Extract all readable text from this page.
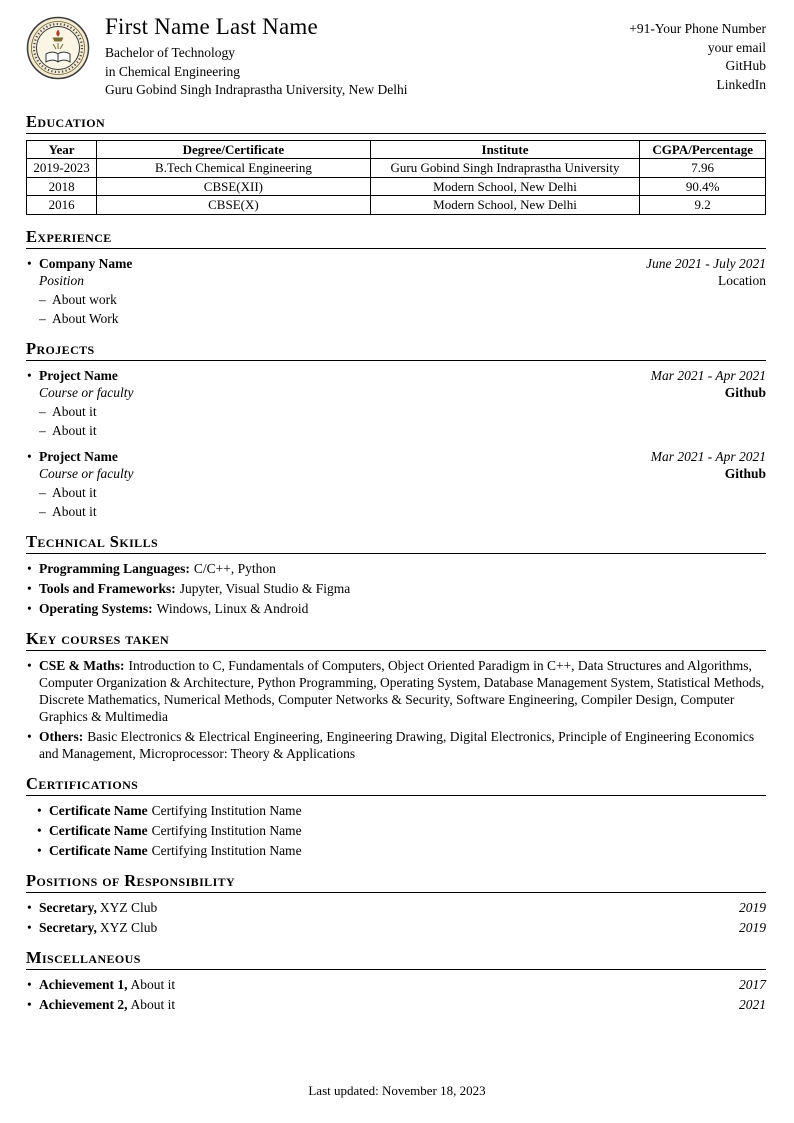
First Name Last Name
Bachelor of Technology
in Chemical Engineering
Guru Gobind Singh Indraprastha University, New Delhi
+91-Your Phone Number
your email
GitHub
LinkedIn
Education
Year	Degree/Certificate	Institute	CGPA/Percentage
2019-2023	B.Tech Chemical Engineering	Guru Gobind Singh Indraprastha University	7.96
2018	CBSE(XII)	Modern School, New Delhi	90.4%
2016	CBSE(X)	Modern School, New Delhi	9.2
Experience
• Company Name	June 2021 - July 2021
Position	Location
– About work
– About Work
Projects
• Project Name	Mar 2021 - Apr 2021
Course or faculty	Github
– About it
– About it
• Project Name	Mar 2021 - Apr 2021
Course or faculty	Github
– About it
– About it
Technical Skills
• Programming Languages: C/C++, Python
• Tools and Frameworks: Jupyter, Visual Studio & Figma
• Operating Systems: Windows, Linux & Android
Key courses taken
• CSE & Maths: Introduction to C, Fundamentals of Computers, Object Oriented Paradigm in C++, Data Structures and Algorithms, Computer Organization & Architecture, Python Programming, Operating System, Database Management System, Statistical Methods, Discrete Mathematics, Numerical Methods, Computer Networks & Security, Software Engineering, Compiler Design, Computer Graphics & Multimedia
• Others: Basic Electronics & Electrical Engineering, Engineering Drawing, Digital Electronics, Principle of Engineering Economics and Management, Microprocessor: Theory & Applications
Certifications
• Certificate Name Certifying Institution Name
• Certificate Name Certifying Institution Name
• Certificate Name Certifying Institution Name
Positions of Responsibility
• Secretary, XYZ Club	2019
• Secretary, XYZ Club	2019
Miscellaneous
• Achievement 1, About it	2017
• Achievement 2, About it	2021
Last updated: November 18, 2023
